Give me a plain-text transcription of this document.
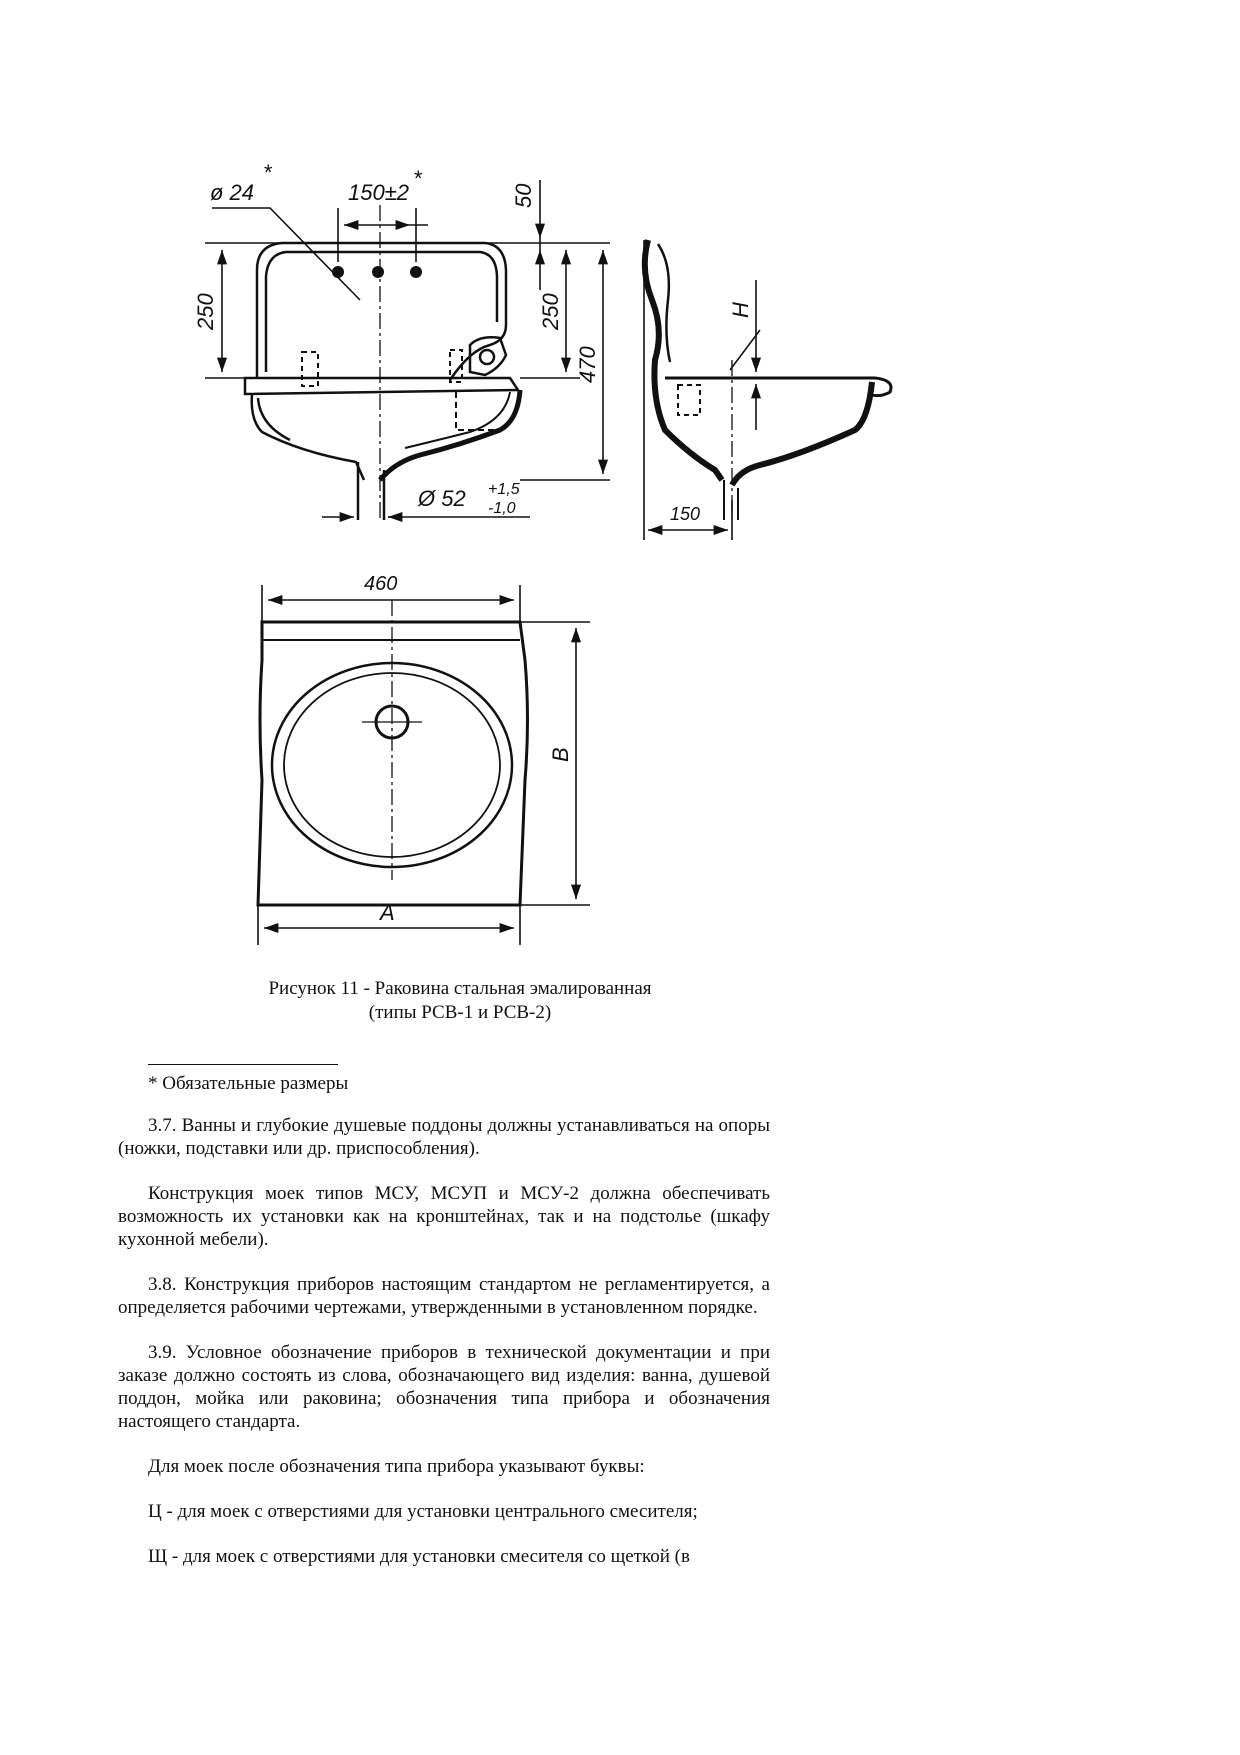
ø 24
*
150±2
*
50
250	250
470
Ø 52 +1,5
-1,0
H
150
460
B
A
Рисунок 11 - Раковина стальная эмалированная
(типы РСВ-1 и РСВ-2)
* Обязательные размеры

3.7. Ванны и глубокие душевые поддоны должны устанавливаться на опоры (ножки, подставки или др. приспособления).

Конструкция моек типов МСУ, МСУП и МСУ-2 должна обеспечивать возможность их установки как на кронштейнах, так и на подстолье (шкафу кухонной мебели).

3.8. Конструкция приборов настоящим стандартом не регламентируется, а определяется рабочими чертежами, утвержденными в установленном порядке.

3.9. Условное обозначение приборов в технической документации и при заказе должно состоять из слова, обозначающего вид изделия: ванна, душевой поддон, мойка или раковина; обозначения типа прибора и обозначения настоящего стандарта.

Для моек после обозначения типа прибора указывают буквы:

Ц - для моек с отверстиями для установки центрального смесителя;

Щ - для моек с отверстиями для установки смесителя со щеткой (в
